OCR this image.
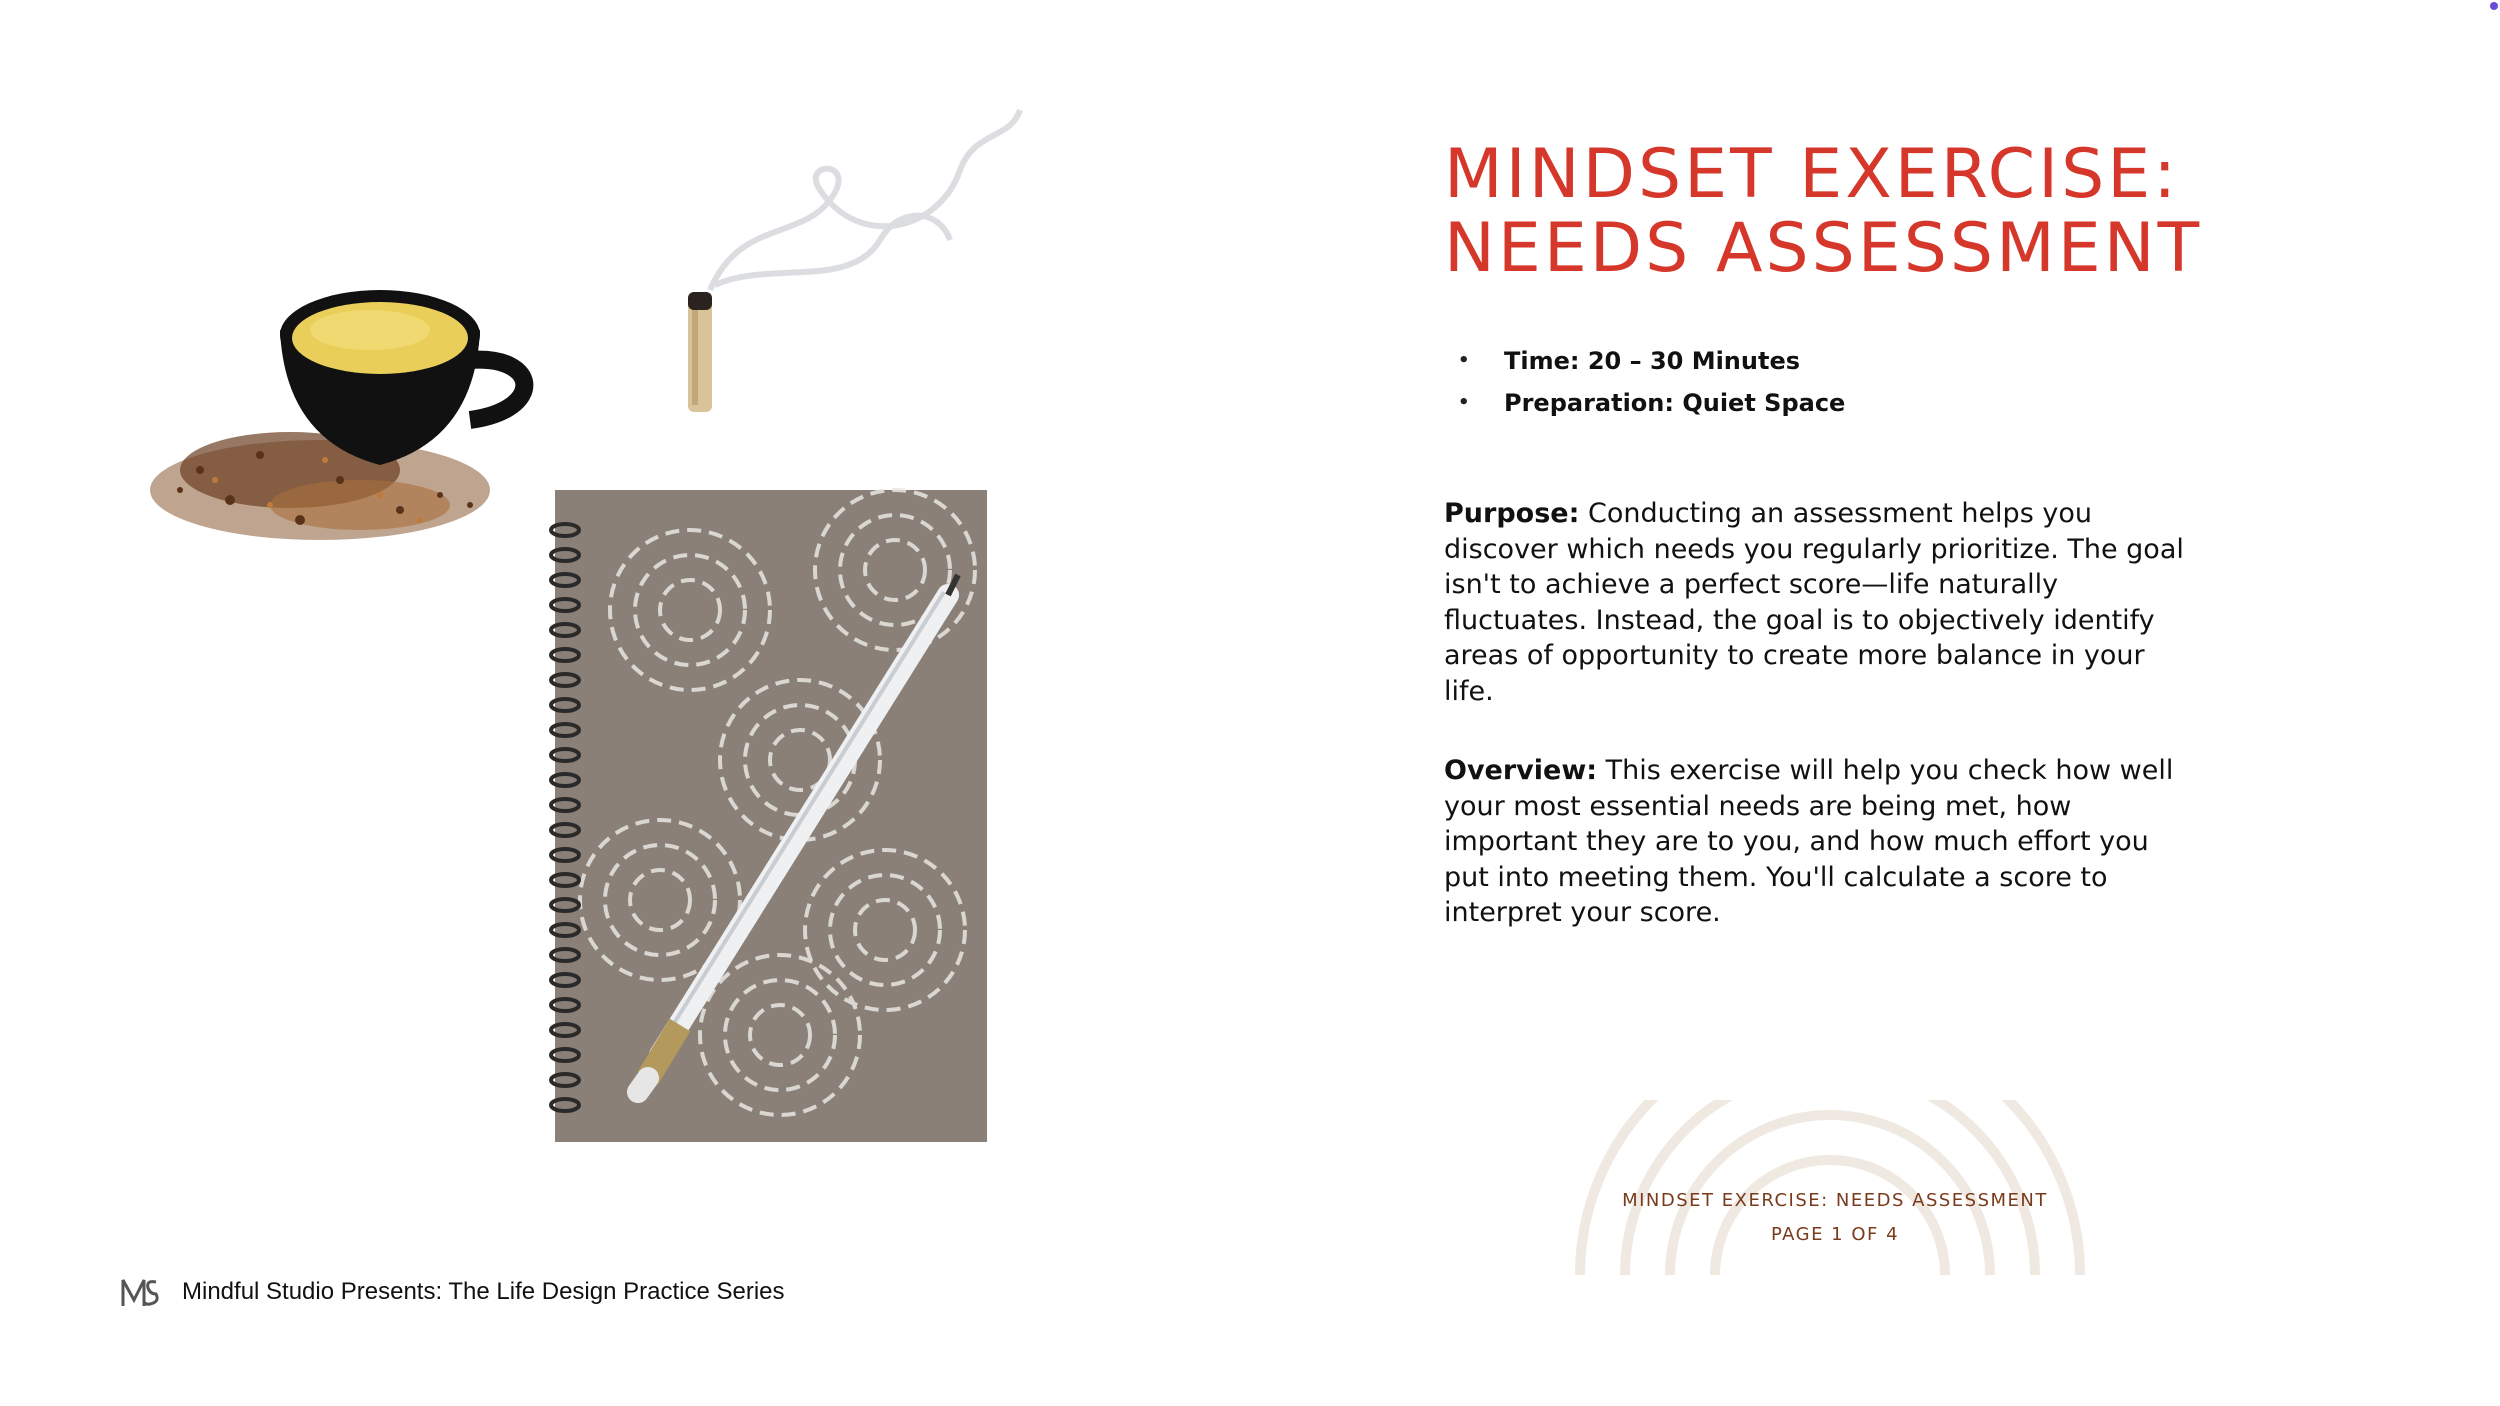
MINDSET EXERCISE:
NEEDS ASSESSMENT
• Time: 20 – 30 Minutes
• Preparation: Quiet Space

Purpose: Conducting an assessment helps you discover which needs you regularly prioritize. The goal isn't to achieve a perfect score—life naturally fluctuates. Instead, the goal is to objectively identify areas of opportunity to create more balance in your life.

Overview: This exercise will help you check how well your most essential needs are being met, how important they are to you, and how much effort you put into meeting them. You'll calculate a score to interpret your score.

MINDSET EXERCISE: NEEDS ASSESSMENT
PAGE 1 OF 4
Mindful Studio Presents: The Life Design Practice Series
